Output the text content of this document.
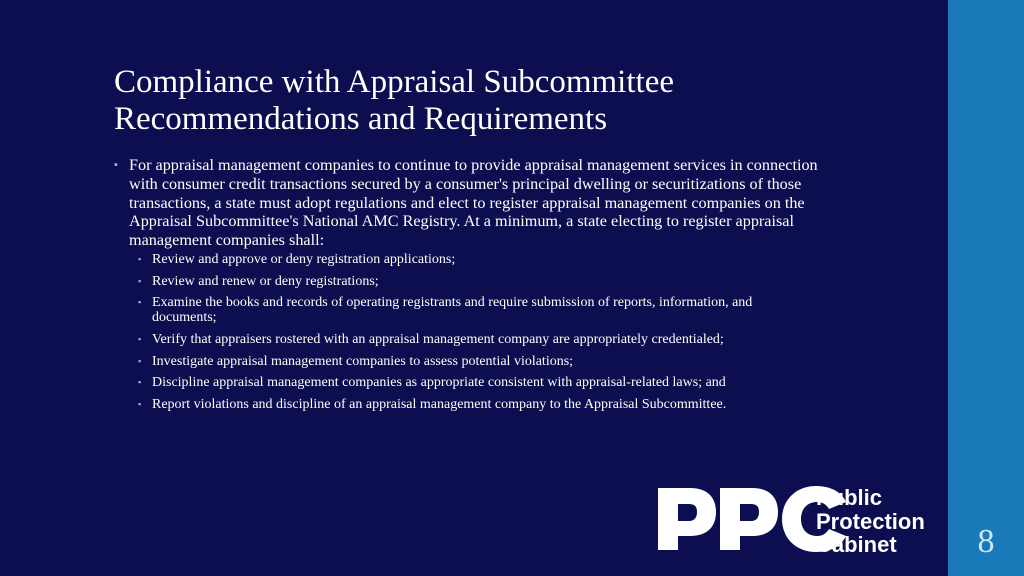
Compliance with Appraisal Subcommittee
Recommendations and Requirements

▪ For appraisal management companies to continue to provide appraisal management services in connection with consumer credit transactions secured by a consumer's principal dwelling or securitizations of those transactions, a state must adopt regulations and elect to register appraisal management companies on the Appraisal Subcommittee's National AMC Registry. At a minimum, a state electing to register appraisal management companies shall:

▪ Review and approve or deny registration applications;
▪ Review and renew or deny registrations;
▪ Examine the books and records of operating registrants and require submission of reports, information, and documents;
▪ Verify that appraisers rostered with an appraisal management company are appropriately credentialed;
▪ Investigate appraisal management companies to assess potential violations;
▪ Discipline appraisal management companies as appropriate consistent with appraisal-related laws; and
▪ Report violations and discipline of an appraisal management company to the Appraisal Subcommittee.
Public
Protection
Cabinet	8
